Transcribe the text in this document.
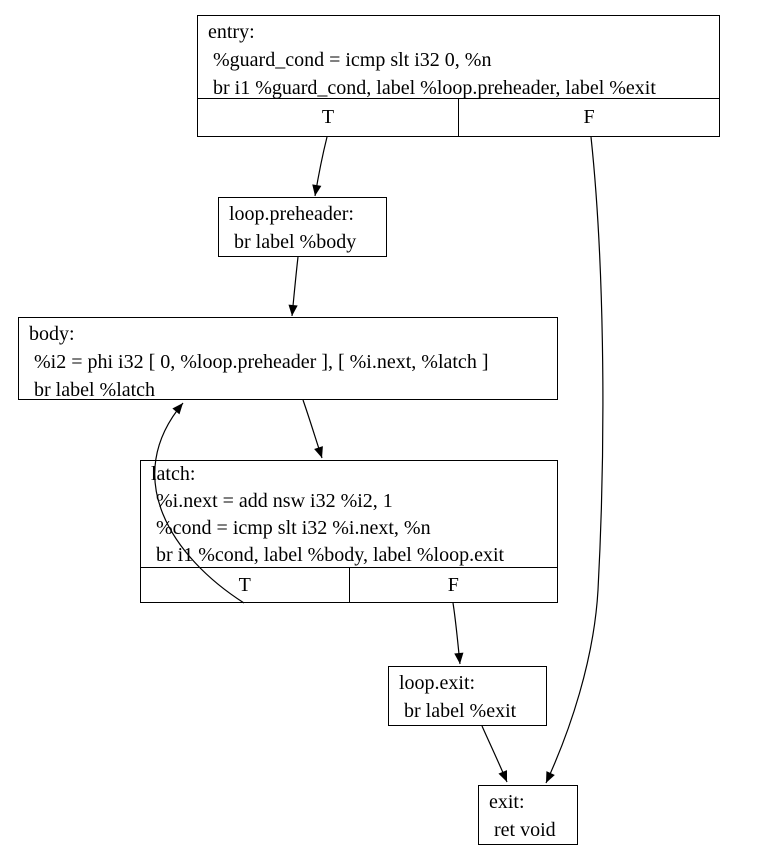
entry:
%guard_cond = icmp slt i32 0, %n
br i1 %guard_cond, label %loop.preheader, label %exit
T	F
loop.preheader:
br label %body
body:
%i2 = phi i32 [ 0, %loop.preheader ], [ %i.next, %latch ]
br label %latch
latch:
%i.next = add nsw i32 %i2, 1
%cond = icmp slt i32 %i.next, %n
br i1 %cond, label %body, label %loop.exit
T	F
loop.exit:
br label %exit
exit:
ret void
